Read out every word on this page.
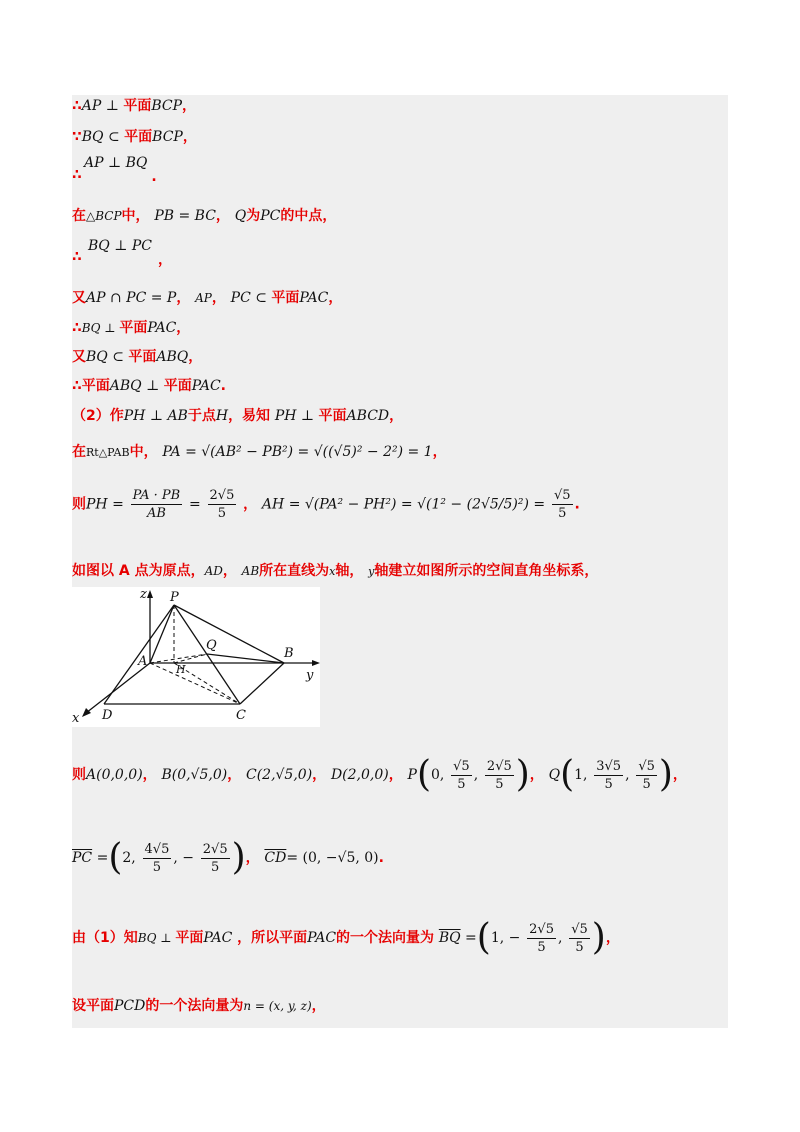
∴AP ⊥ 平面BCP，
∵BQ ⊂ 平面BCP，
AP ⊥ BQ.
∴
在△BCP中， PB = BC， Q为PC的中点，
BQ ⊥ PC，
∴
又AP ∩ PC = P， AP， PC ⊂ 平面PAC，
∴BQ ⊥ 平面PAC，
又BQ ⊂ 平面ABQ，
∴平面ABQ ⊥ 平面PAC.
（2）作PH ⊥ AB于点H，易知 PH ⊥ 平面ABCD，
在Rt△PAB中， PA = √(AB² − PB²) = √((√5)² − 2²) = 1，
则PH = $\frac{PA \cdot PB}{AB} = \frac{2√5}{5}$ ， AH = $√(PA^2 - PH^2) = √(1^2 - (2√5/5)^2) = \frac{√5}{5}$ .
如图以 A 点为原点，AD， AB所在直线为x轴， y轴建立如图所示的空间直角坐标系，
z
y
x
P
A
Q
B
H
D	C
则A(0,0,0)， B(0,√5,0)， C(2,√5,0)， D(2,0,0)， P(0, $\frac{√5}{5}$ , $\frac{2√5}{5}$ )， Q(1, $\frac{3√5}{5}$ , $\frac{√5}{5}$ )，
$\overline{PC} =(2$, $\frac{4√5}{5}$ , − $\frac{2√5}{5}$ )， $\overline{CD}= (0$, −√5, 0).
由（1）知BQ ⊥ 平面PAC ，所以平面PAC的一个法向量为 $\overline{BQ} =(1$, − $\frac{2√5}{5}$ , $\frac{√5}{5}$ )，
设平面PCD的一个法向量为n = (x, y, z)，
